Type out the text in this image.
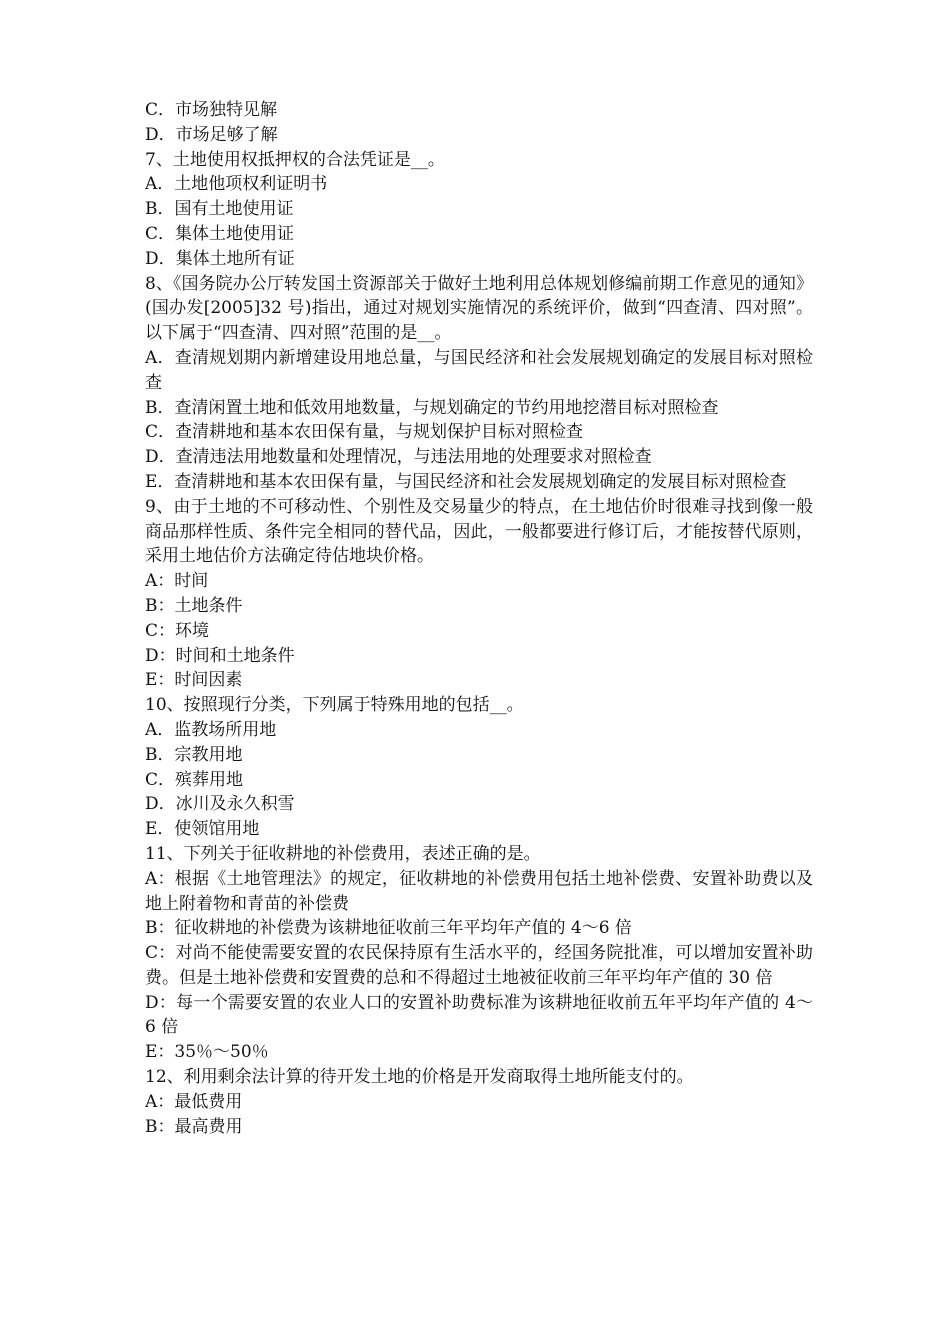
C．市场独特见解
D．市场足够了解
7、土地使用权抵押权的合法凭证是__。
A．土地他项权利证明书
B．国有土地使用证
C．集体土地使用证
D．集体土地所有证
8、《国务院办公厅转发国土资源部关于做好土地利用总体规划修编前期工作意见的通知》(国办发[2005]32 号)指出，通过对规划实施情况的系统评价，做到“四查清、四对照”。以下属于“四查清、四对照”范围的是__。
A．查清规划期内新增建设用地总量，与国民经济和社会发展规划确定的发展目标对照检查
B．查清闲置土地和低效用地数量，与规划确定的节约用地挖潜目标对照检查
C．查清耕地和基本农田保有量，与规划保护目标对照检查
D．查清违法用地数量和处理情况，与违法用地的处理要求对照检查
E．查清耕地和基本农田保有量，与国民经济和社会发展规划确定的发展目标对照检查
9、由于土地的不可移动性、个别性及交易量少的特点，在土地估价时很难寻找到像一般商品那样性质、条件完全相同的替代品，因此，一般都要进行修订后，才能按替代原则，采用土地估价方法确定待估地块价格。
A：时间
B：土地条件
C：环境
D：时间和土地条件
E：时间因素
10、按照现行分类，下列属于特殊用地的包括__。
A．监教场所用地
B．宗教用地
C．殡葬用地
D．冰川及永久积雪
E．使领馆用地
11、下列关于征收耕地的补偿费用，表述正确的是。
A：根据《土地管理法》的规定，征收耕地的补偿费用包括土地补偿费、安置补助费以及地上附着物和青苗的补偿费
B：征收耕地的补偿费为该耕地征收前三年平均年产值的 4～6 倍
C：对尚不能使需要安置的农民保持原有生活水平的，经国务院批准，可以增加安置补助费。但是土地补偿费和安置费的总和不得超过土地被征收前三年平均年产值的 30 倍
D：每一个需要安置的农业人口的安置补助费标准为该耕地征收前五年平均年产值的 4～6 倍
E：35％～50％
12、利用剩余法计算的待开发土地的价格是开发商取得土地所能支付的。
A：最低费用
B：最高费用
